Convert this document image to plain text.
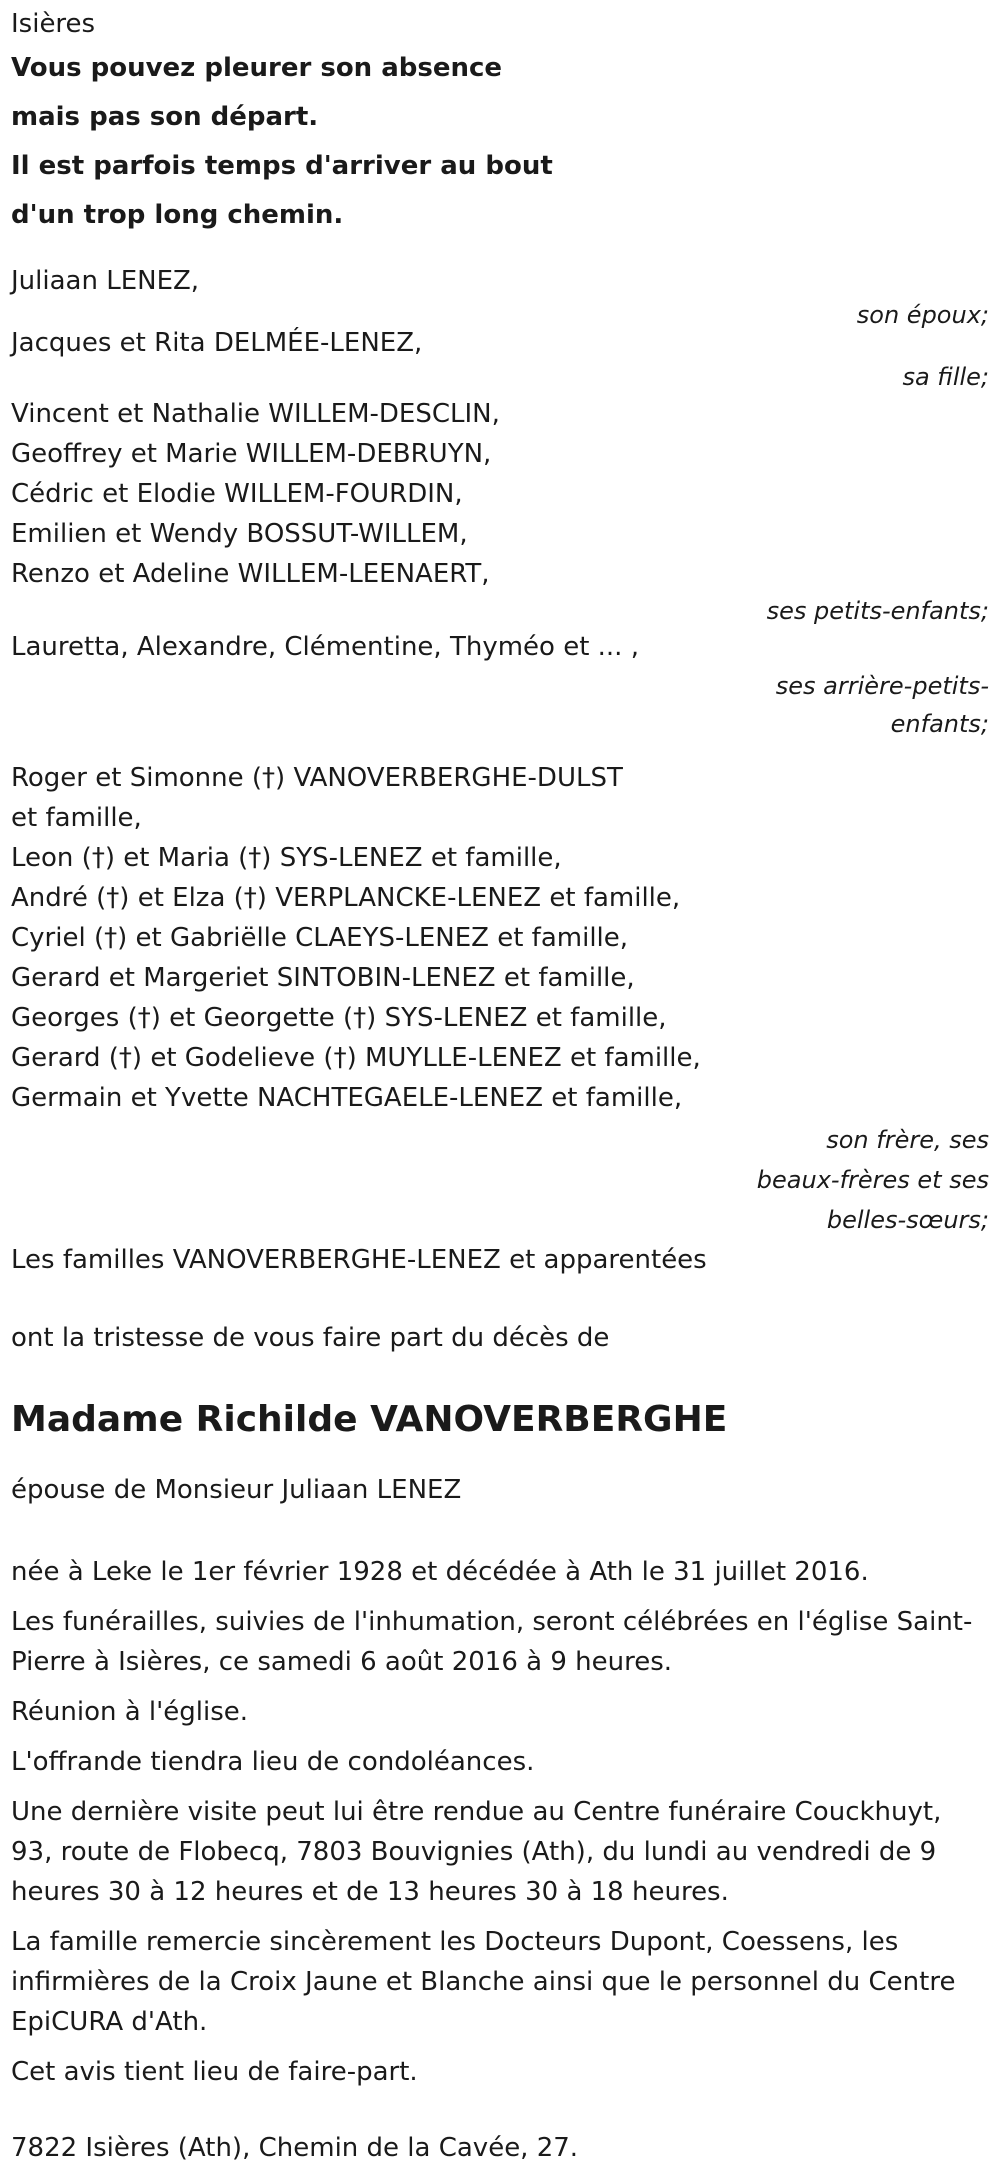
Isières
Vous pouvez pleurer son absence
mais pas son départ.
Il est parfois temps d'arriver au bout
d'un trop long chemin.
Juliaan LENEZ,
son époux;
Jacques et Rita DELMÉE-LENEZ,
sa fille;
Vincent et Nathalie WILLEM-DESCLIN,
Geoffrey et Marie WILLEM-DEBRUYN,
Cédric et Elodie WILLEM-FOURDIN,
Emilien et Wendy BOSSUT-WILLEM,
Renzo et Adeline WILLEM-LEENAERT,
ses petits-enfants;
Lauretta, Alexandre, Clémentine, Thyméo et ... ,
ses arrière-petits-
enfants;
Roger et Simonne (†) VANOVERBERGHE-DULST
et famille,
Leon (†) et Maria (†) SYS-LENEZ et famille,
André (†) et Elza (†) VERPLANCKE-LENEZ et famille,
Cyriel (†) et Gabriëlle CLAEYS-LENEZ et famille,
Gerard et Margeriet SINTOBIN-LENEZ et famille,
Georges (†) et Georgette (†) SYS-LENEZ et famille,
Gerard (†) et Godelieve (†) MUYLLE-LENEZ et famille,
Germain et Yvette NACHTEGAELE-LENEZ et famille,
son frère, ses
beaux-frères et ses
belles-sœurs;
Les familles VANOVERBERGHE-LENEZ et apparentées
ont la tristesse de vous faire part du décès de
Madame Richilde VANOVERBERGHE
épouse de Monsieur Juliaan LENEZ
née à Leke le 1er février 1928 et décédée à Ath le 31 juillet 2016.
Les funérailles, suivies de l'inhumation, seront célébrées en l'église Saint-
Pierre à Isières, ce samedi 6 août 2016 à 9 heures.
Réunion à l'église.
L'offrande tiendra lieu de condoléances.
Une dernière visite peut lui être rendue au Centre funéraire Couckhuyt,
93, route de Flobecq, 7803 Bouvignies (Ath), du lundi au vendredi de 9
heures 30 à 12 heures et de 13 heures 30 à 18 heures.
La famille remercie sincèrement les Docteurs Dupont, Coessens, les
infirmières de la Croix Jaune et Blanche ainsi que le personnel du Centre
EpiCURA d'Ath.
Cet avis tient lieu de faire-part.
7822 Isières (Ath), Chemin de la Cavée, 27.
